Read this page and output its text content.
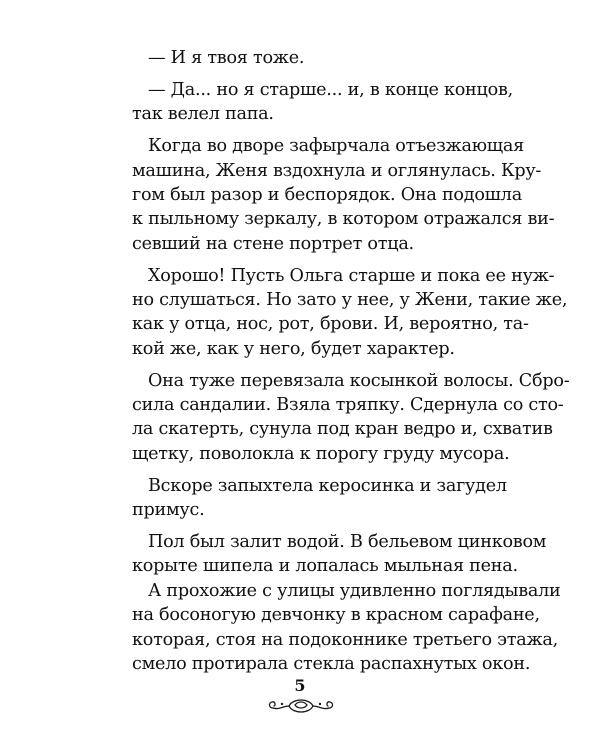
— И я твоя тоже.
— Да... но я старше... и, в конце концов,
так велел папа.
Когда во дворе зафырчала отъезжающая
машина, Женя вздохнула и оглянулась. Кру-
гом был разор и беспорядок. Она подошла
к пыльному зеркалу, в котором отражался ви-
севший на стене портрет отца.
Хорошо! Пусть Ольга старше и пока ее нуж-
но слушаться. Но зато у нее, у Жени, такие же,
как у отца, нос, рот, брови. И, вероятно, та-
кой же, как у него, будет характер.
Она туже перевязала косынкой волосы. Сбро-
сила сандалии. Взяла тряпку. Сдернула со сто-
ла скатерть, сунула под кран ведро и, схватив
щетку, поволокла к порогу груду мусора.
Вскоре запыхтела керосинка и загудел
примус.
Пол был залит водой. В бельевом цинковом
корыте шипела и лопалась мыльная пена.
А прохожие с улицы удивленно поглядывали
на босоногую девчонку в красном сарафане,
которая, стоя на подоконнике третьего этажа,
смело протирала стекла распахнутых окон.
5
